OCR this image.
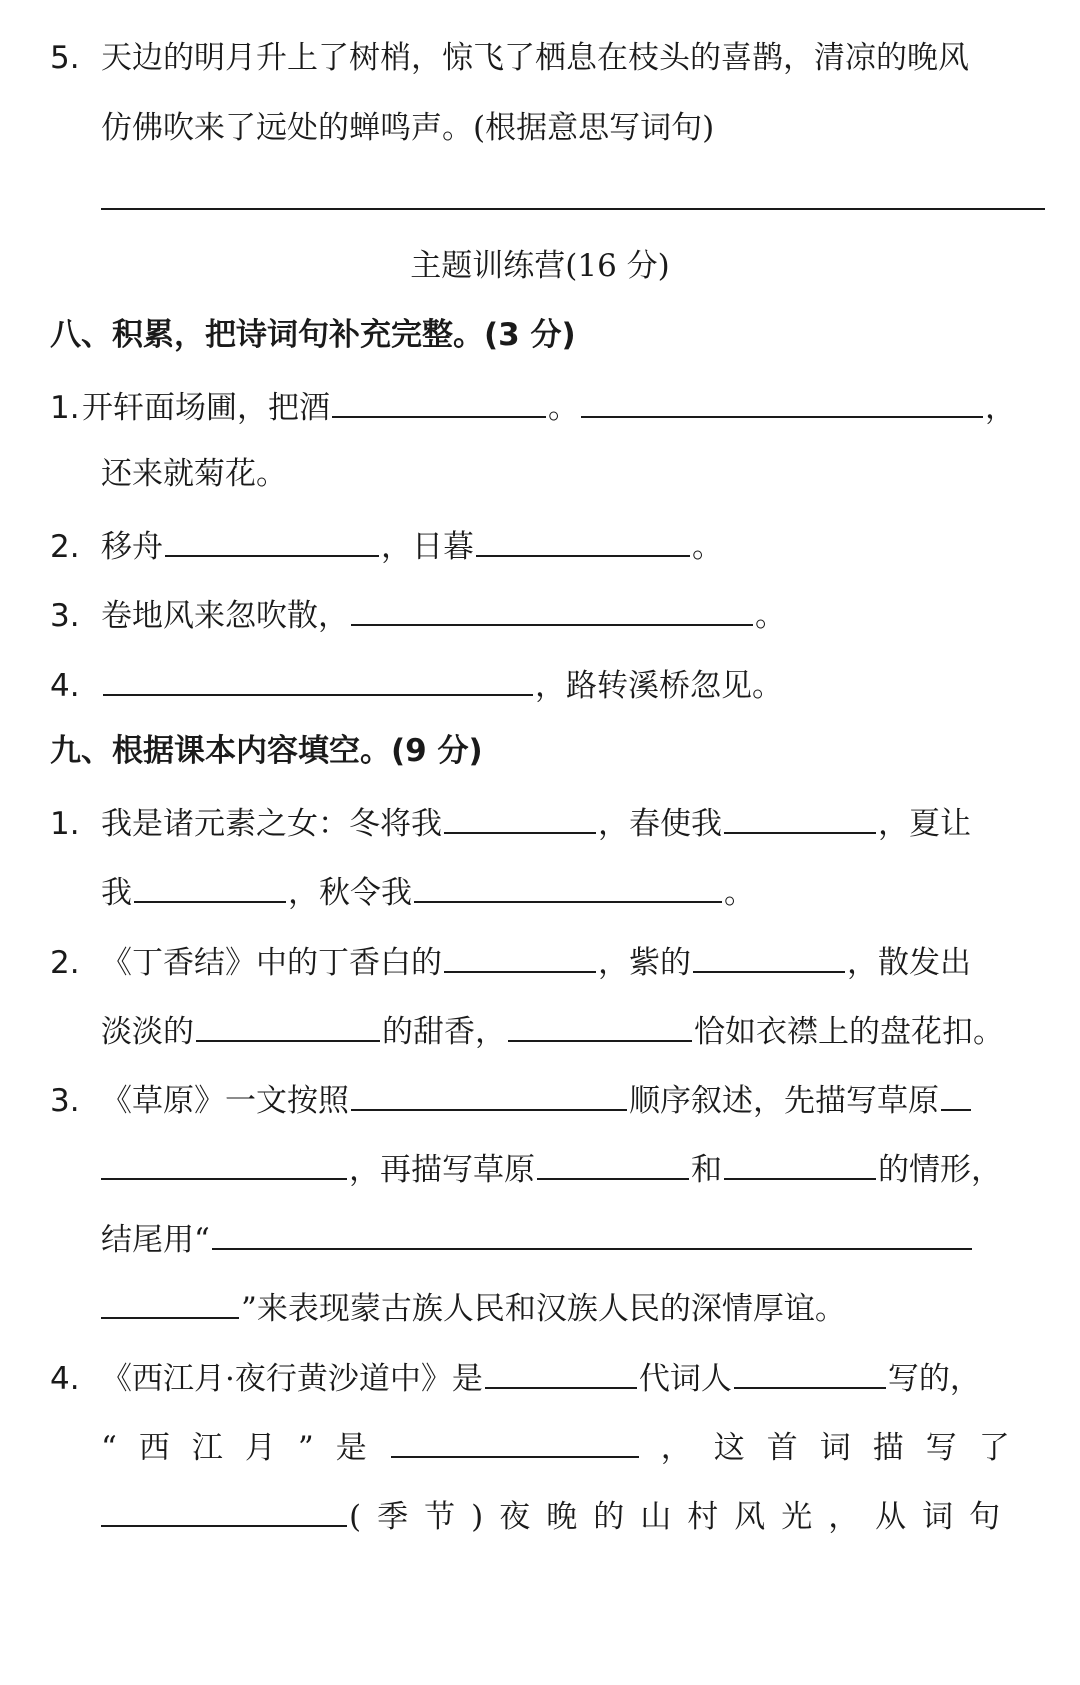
5. 天边的明月升上了树梢，惊飞了栖息在枝头的喜鹊，清凉的晚风
仿佛吹来了远处的蝉鸣声。(根据意思写词句)
主题训练营(16 分)
八、积累，把诗词句补充完整。(3 分)
1. 开轩面场圃，把酒	。	，
还来就菊花。
2. 移舟	，日暮	。
3. 卷地风来忽吹散，	。
4.	，路转溪桥忽见。
九、根据课本内容填空。(9 分)
1. 我是诸元素之女：冬将我	，春使我	，夏让
我	，秋令我	。
2. 《丁香结》中的丁香白的	，紫的	，散发出
淡淡的	的甜香，	恰如衣襟上的盘花扣。
3. 《草原》一文按照	顺序叙述，先描写草原
，再描写草原	和	的情形，
结尾用“
”来表现蒙古族人民和汉族人民的深情厚谊。
4. 《西江月·夜行黄沙道中》是	代词人	写的，
“西江月”是	，这首词描写了
(季节)夜晚的山村风光，从词句
